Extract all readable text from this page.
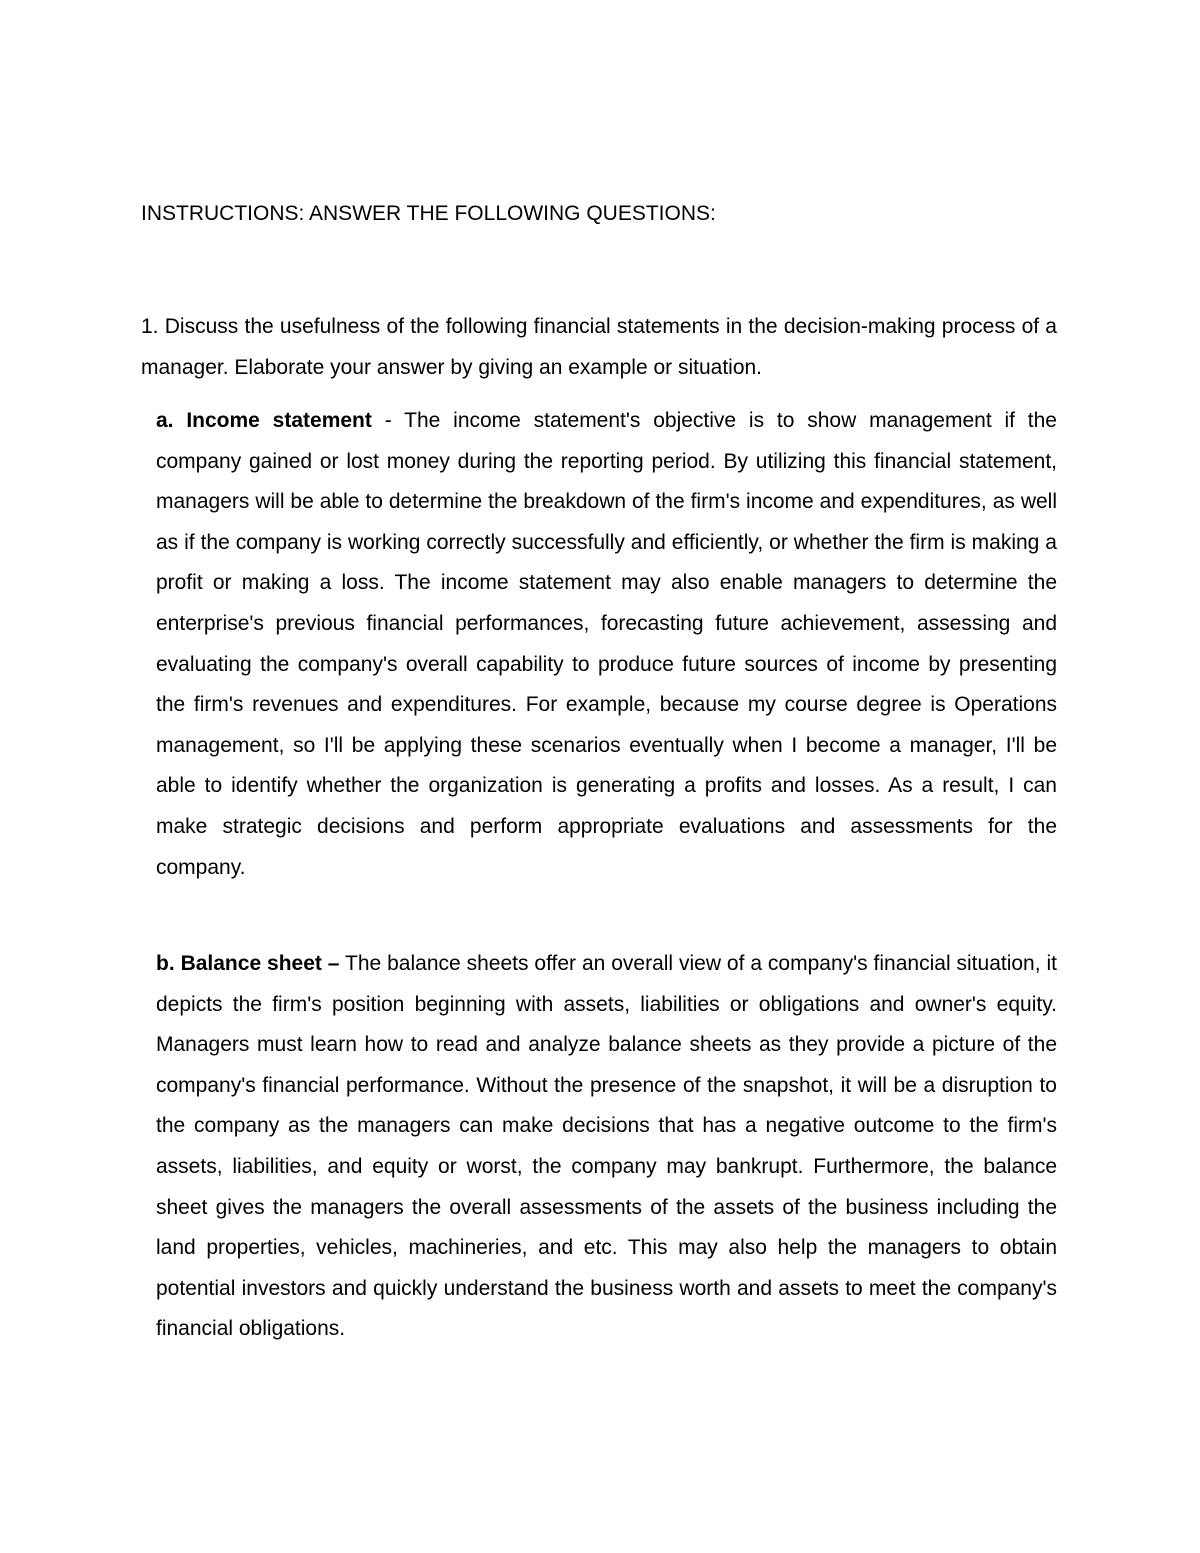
INSTRUCTIONS: ANSWER THE FOLLOWING QUESTIONS:

1. Discuss the usefulness of the following financial statements in the decision-making process of a manager. Elaborate your answer by giving an example or situation.

a. Income statement - The income statement's objective is to show management if the company gained or lost money during the reporting period. By utilizing this financial statement, managers will be able to determine the breakdown of the firm's income and expenditures, as well as if the company is working correctly successfully and efficiently, or whether the firm is making a profit or making a loss. The income statement may also enable managers to determine the enterprise's previous financial performances, forecasting future achievement, assessing and evaluating the company's overall capability to produce future sources of income by presenting the firm's revenues and expenditures. For example, because my course degree is Operations management, so I'll be applying these scenarios eventually when I become a manager, I'll be able to identify whether the organization is generating a profits and losses. As a result, I can make strategic decisions and perform appropriate evaluations and assessments for the company.

b. Balance sheet – The balance sheets offer an overall view of a company's financial situation, it depicts the firm's position beginning with assets, liabilities or obligations and owner's equity. Managers must learn how to read and analyze balance sheets as they provide a picture of the company's financial performance. Without the presence of the snapshot, it will be a disruption to the company as the managers can make decisions that has a negative outcome to the firm's assets, liabilities, and equity or worst, the company may bankrupt. Furthermore, the balance sheet gives the managers the overall assessments of the assets of the business including the land properties, vehicles, machineries, and etc. This may also help the managers to obtain potential investors and quickly understand the business worth and assets to meet the company's financial obligations.
